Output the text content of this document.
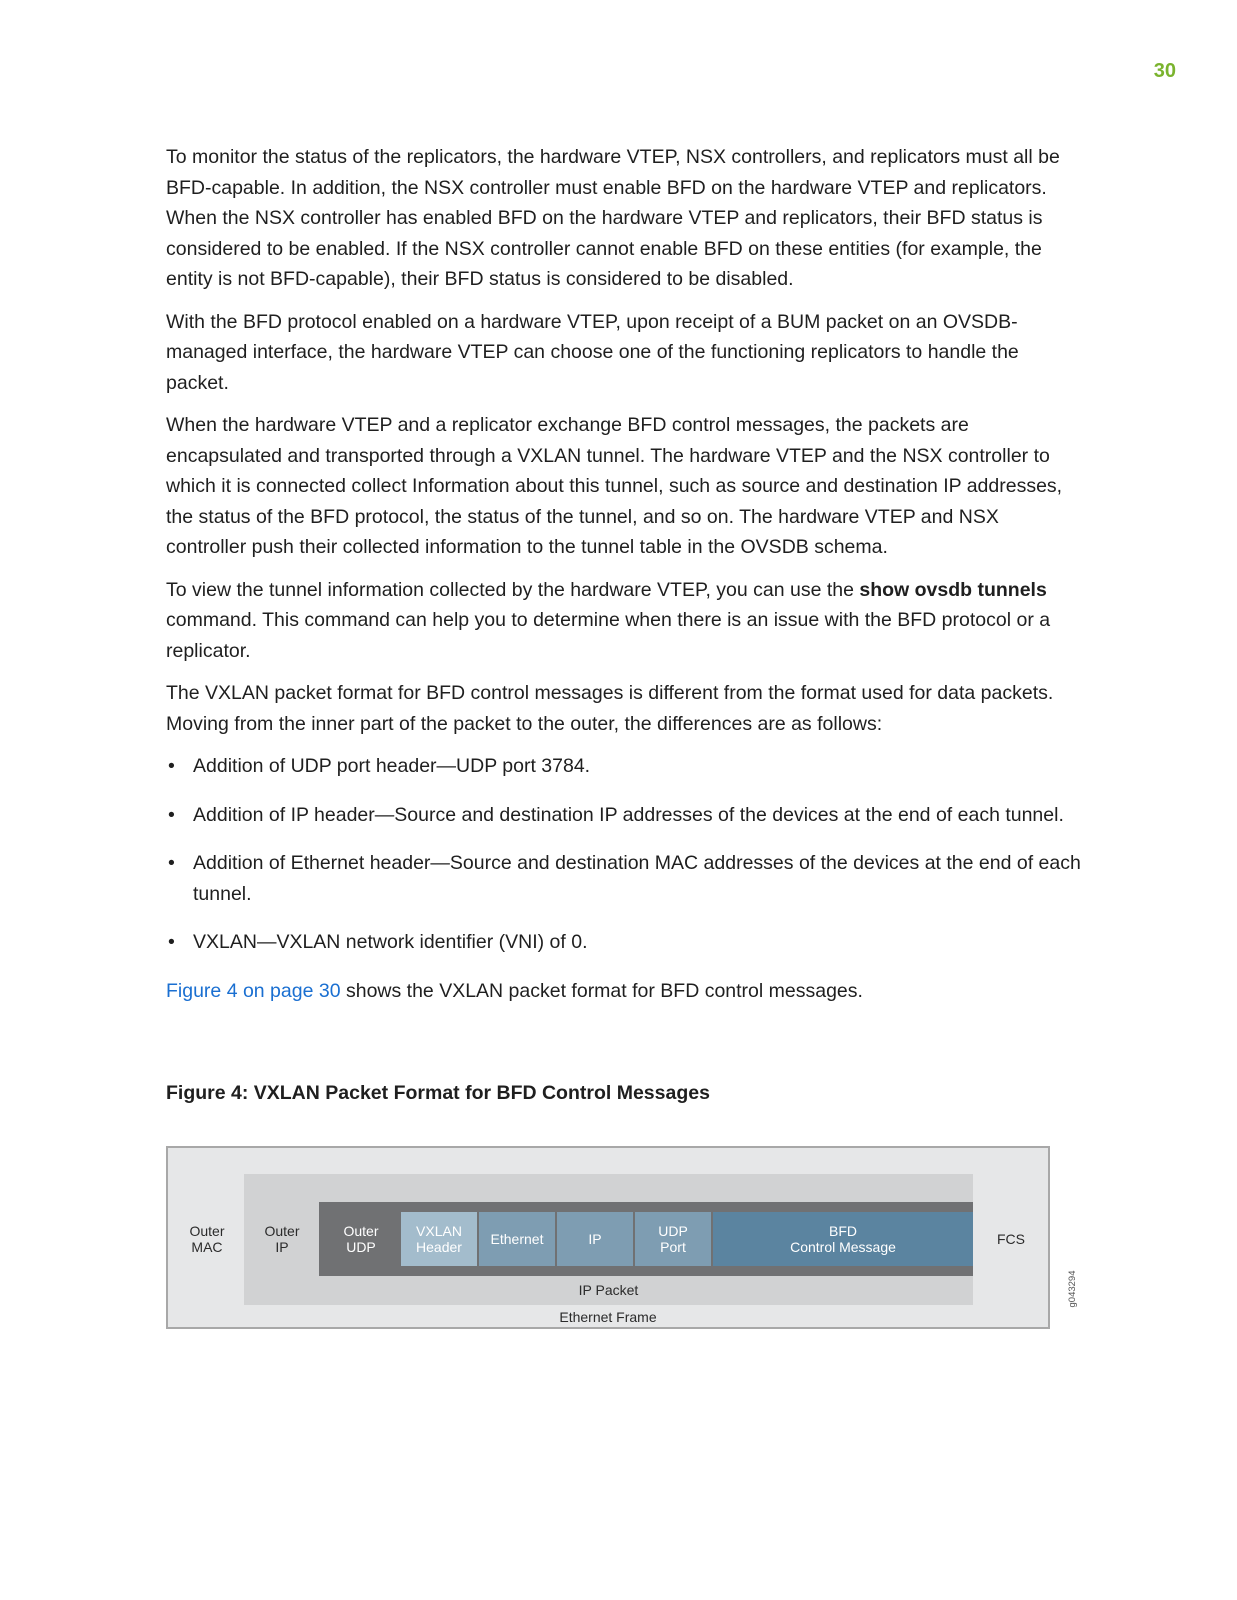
30

To monitor the status of the replicators, the hardware VTEP, NSX controllers, and replicators must all be BFD-capable. In addition, the NSX controller must enable BFD on the hardware VTEP and replicators. When the NSX controller has enabled BFD on the hardware VTEP and replicators, their BFD status is considered to be enabled. If the NSX controller cannot enable BFD on these entities (for example, the entity is not BFD-capable), their BFD status is considered to be disabled.

With the BFD protocol enabled on a hardware VTEP, upon receipt of a BUM packet on an OVSDB-managed interface, the hardware VTEP can choose one of the functioning replicators to handle the packet.

When the hardware VTEP and a replicator exchange BFD control messages, the packets are encapsulated and transported through a VXLAN tunnel. The hardware VTEP and the NSX controller to which it is connected collect Information about this tunnel, such as source and destination IP addresses, the status of the BFD protocol, the status of the tunnel, and so on. The hardware VTEP and NSX controller push their collected information to the tunnel table in the OVSDB schema.

To view the tunnel information collected by the hardware VTEP, you can use the show ovsdb tunnels command. This command can help you to determine when there is an issue with the BFD protocol or a replicator.

The VXLAN packet format for BFD control messages is different from the format used for data packets. Moving from the inner part of the packet to the outer, the differences are as follows:

• Addition of UDP port header—UDP port 3784.
• Addition of IP header—Source and destination IP addresses of the devices at the end of each tunnel.
• Addition of Ethernet header—Source and destination MAC addresses of the devices at the end of each tunnel.
• VXLAN—VXLAN network identifier (VNI) of 0.

Figure 4 on page 30 shows the VXLAN packet format for BFD control messages.

Figure 4: VXLAN Packet Format for BFD Control Messages
Outer
MAC
Outer
IP
Outer
UDP
VXLAN
Header	Ethernet	IP	UDP
Port
BFD
Control Message	FCS
IP Packet
Ethernet Frame
g043294
